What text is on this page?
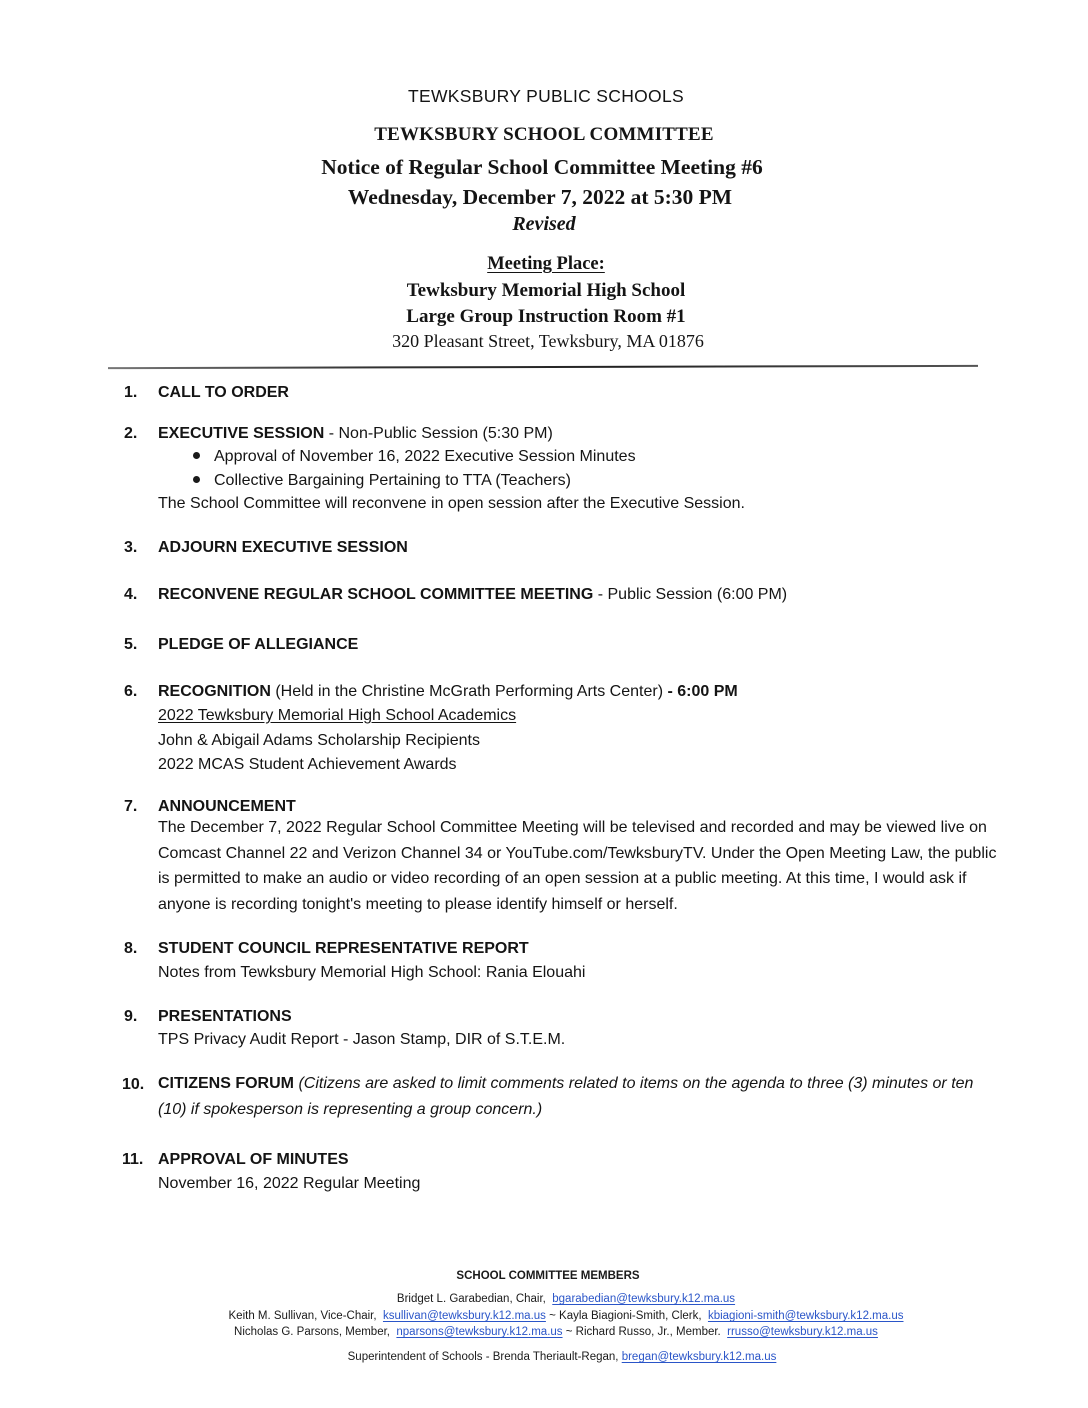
TEWKSBURY PUBLIC SCHOOLS
TEWKSBURY SCHOOL COMMITTEE
Notice of Regular School Committee Meeting #6
Wednesday, December 7, 2022 at 5:30 PM
Revised
Meeting Place:
Tewksbury Memorial High School
Large Group Instruction Room #1
320 Pleasant Street, Tewksbury, MA 01876
1. CALL TO ORDER
2. EXECUTIVE SESSION - Non-Public Session (5:30 PM)
Approval of November 16, 2022 Executive Session Minutes
Collective Bargaining Pertaining to TTA (Teachers)
The School Committee will reconvene in open session after the Executive Session.
3. ADJOURN EXECUTIVE SESSION
4. RECONVENE REGULAR SCHOOL COMMITTEE MEETING - Public Session (6:00 PM)
5. PLEDGE OF ALLEGIANCE
6. RECOGNITION (Held in the Christine McGrath Performing Arts Center) - 6:00 PM
2022 Tewksbury Memorial High School Academics
John & Abigail Adams Scholarship Recipients
2022 MCAS Student Achievement Awards
7. ANNOUNCEMENT
The December 7, 2022 Regular School Committee Meeting will be televised and recorded and may be viewed live on Comcast Channel 22 and Verizon Channel 34 or YouTube.com/TewksburyTV. Under the Open Meeting Law, the public is permitted to make an audio or video recording of an open session at a public meeting. At this time, I would ask if anyone is recording tonight's meeting to please identify himself or herself.
8. STUDENT COUNCIL REPRESENTATIVE REPORT
Notes from Tewksbury Memorial High School: Rania Elouahi
9. PRESENTATIONS
TPS Privacy Audit Report - Jason Stamp, DIR of S.T.E.M.
10. CITIZENS FORUM (Citizens are asked to limit comments related to items on the agenda to three (3) minutes or ten (10) if spokesperson is representing a group concern.)
11. APPROVAL OF MINUTES
November 16, 2022 Regular Meeting
SCHOOL COMMITTEE MEMBERS
Bridget L. Garabedian, Chair, bgarabedian@tewksbury.k12.ma.us
Keith M. Sullivan, Vice-Chair, ksullivan@tewksbury.k12.ma.us ~ Kayla Biagioni-Smith, Clerk, kbiagioni-smith@tewksbury.k12.ma.us
Nicholas G. Parsons, Member, nparsons@tewksbury.k12.ma.us ~ Richard Russo, Jr., Member. rrusso@tewksbury.k12.ma.us
Superintendent of Schools - Brenda Theriault-Regan, bregan@tewksbury.k12.ma.us
